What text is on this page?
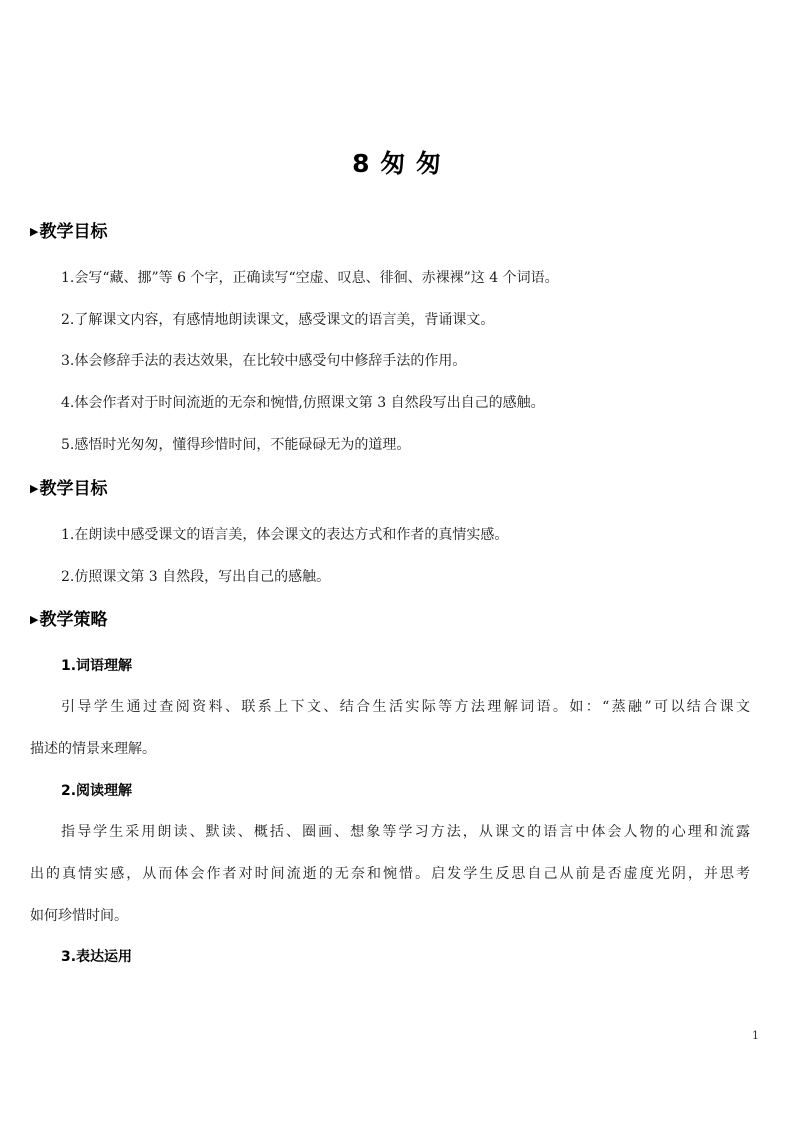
8 匆 匆
▶教学目标
1.会写“藏、挪”等 6 个字，正确读写“空虚、叹息、徘徊、赤裸裸”这 4 个词语。
2.了解课文内容，有感情地朗读课文，感受课文的语言美，背诵课文。
3.体会修辞手法的表达效果，在比较中感受句中修辞手法的作用。
4.体会作者对于时间流逝的无奈和惋惜,仿照课文第 3 自然段写出自己的感触。
5.感悟时光匆匆，懂得珍惜时间，不能碌碌无为的道理。
▶教学目标
1.在朗读中感受课文的语言美，体会课文的表达方式和作者的真情实感。
2.仿照课文第 3 自然段，写出自己的感触。
▶教学策略
1.词语理解
引导学生通过查阅资料、联系上下文、结合生活实际等方法理解词语。如：“蒸融”可以结合课文
描述的情景来理解。
2.阅读理解
指导学生采用朗读、默读、概括、圈画、想象等学习方法，从课文的语言中体会人物的心理和流露
出的真情实感，从而体会作者对时间流逝的无奈和惋惜。启发学生反思自己从前是否虚度光阴，并思考
如何珍惜时间。
3.表达运用
1
